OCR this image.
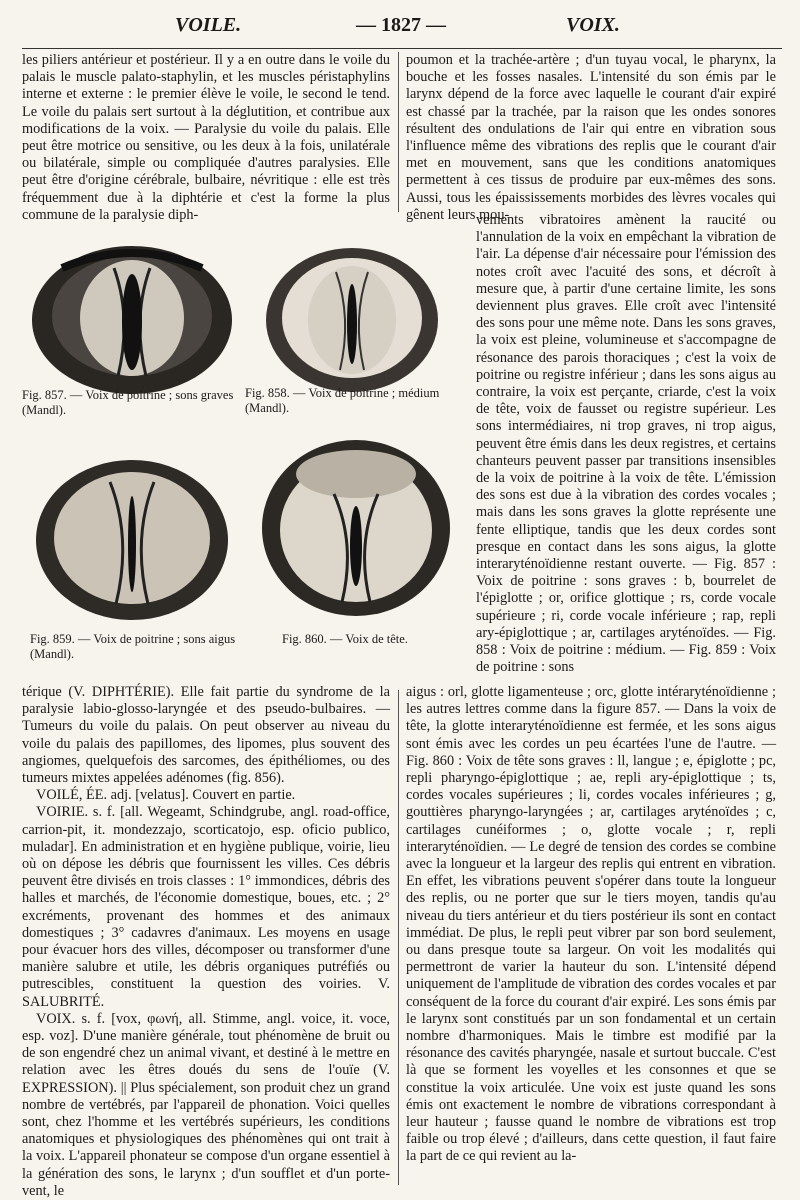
VOILE.	— 1827 —	VOIX.

les piliers antérieur et postérieur. Il y a en outre dans le voile du palais le muscle palato-staphylin, et les muscles péristaphylins interne et externe : le premier élève le voile, le second le tend. Le voile du palais sert surtout à la déglutition, et contribue aux modifications de la voix. — Paralysie du voile du palais. Elle peut être motrice ou sensitive, ou les deux à la fois, unilatérale ou bilatérale, simple ou compliquée d'autres paralysies. Elle peut être d'origine cérébrale, bulbaire, névritique : elle est très fréquemment due à la diphtérie et c'est la forme la plus commune de la paralysie diph-

poumon et la trachée-artère ; d'un tuyau vocal, le pharynx, la bouche et les fosses nasales. L'intensité du son émis par le larynx dépend de la force avec laquelle le courant d'air expiré est chassé par la trachée, par la raison que les ondes sonores résultent des ondulations de l'air qui entre en vibration sous l'influence même des vibrations des replis que le courant d'air met en mouvement, sans que les conditions anatomiques permettent à ces tissus de produire par eux-mêmes des sons. Aussi, tous les épaississements morbides des lèvres vocales qui gênent leurs mou-

vements vibratoires amènent la raucité ou l'annulation de la voix en empêchant la vibration de l'air. La dépense d'air nécessaire pour l'émission des notes croît avec l'acuité des sons, et décroît à mesure que, à partir d'une certaine limite, les sons deviennent plus graves. Elle croît avec l'intensité des sons pour une même note. Dans les sons graves, la voix est pleine, volumineuse et s'accompagne de résonance des parois thoraciques ; c'est la voix de poitrine ou registre inférieur ; dans les sons aigus au contraire, la voix est perçante, criarde, c'est la voix de tête, voix de fausset ou registre supérieur. Les sons intermédiaires, ni trop graves, ni trop aigus, peuvent être émis dans les deux registres, et certains chanteurs peuvent passer par transitions insensibles de la voix de poitrine à la voix de tête. L'émission des sons est due à la vibration des cordes vocales ; mais dans les sons graves la glotte représente une fente elliptique, tandis que les deux cordes sont presque en contact dans les sons aigus, la glotte interaryténoïdienne restant ouverte. — Fig. 857 : Voix de poitrine : sons graves : b, bourrelet de l'épiglotte ; or, orifice glottique ; rs, corde vocale supérieure ; ri, corde vocale inférieure ; rap, repli ary-épiglottique ; ar, cartilages aryténoïdes. — Fig. 858 : Voix de poitrine : médium. — Fig. 859 : Voix de poitrine : sons

Fig. 857. — Voix de poitrine ; sons graves (Mandl).
Fig. 858. — Voix de poitrine ; médium (Mandl).
Fig. 859. — Voix de poitrine ; sons aigus (Mandl).
Fig. 860. — Voix de tête.

térique (V. DIPHTÉRIE). Elle fait partie du syndrome de la paralysie labio-glosso-laryngée et des pseudo-bulbaires. — Tumeurs du voile du palais. On peut observer au niveau du voile du palais des papillomes, des lipomes, plus souvent des angiomes, quelquefois des sarcomes, des épithéliomes, ou des tumeurs mixtes appelées adénomes (fig. 856).

VOILÉ, ÉE. adj. [velatus]. Couvert en partie.

VOIRIE. s. f. [all. Wegeamt, Schindgrube, angl. road-office, carrion-pit, it. mondezzajo, scorticatojo, esp. oficio publico, muladar]. En administration et en hygiène publique, voirie, lieu où on dépose les débris que fournissent les villes. Ces débris peuvent être divisés en trois classes : 1° immondices, débris des halles et marchés, de l'économie domestique, boues, etc. ; 2° excréments, provenant des hommes et des animaux domestiques ; 3° cadavres d'animaux. Les moyens en usage pour évacuer hors des villes, décomposer ou transformer d'une manière salubre et utile, les débris organiques putréfiés ou putrescibles, constituent la question des voiries. V. SALUBRITÉ.

VOIX. s. f. [vox, φωνή, all. Stimme, angl. voice, it. voce, esp. voz]. D'une manière générale, tout phénomène de bruit ou de son engendré chez un animal vivant, et destiné à le mettre en relation avec les êtres doués du sens de l'ouïe (V. EXPRESSION). || Plus spécialement, son produit chez un grand nombre de vertébrés, par l'appareil de phonation. Voici quelles sont, chez l'homme et les vertébrés supérieurs, les conditions anatomiques et physiologiques des phénomènes qui ont trait à la voix. L'appareil phonateur se compose d'un organe essentiel à la génération des sons, le larynx ; d'un soufflet et d'un porte-vent, le

aigus : orl, glotte ligamenteuse ; orc, glotte intéraryténoïdienne ; les autres lettres comme dans la figure 857. — Dans la voix de tête, la glotte interaryténoïdienne est fermée, et les sons aigus sont émis avec les cordes un peu écartées l'une de l'autre. — Fig. 860 : Voix de tête sons graves : ll, langue ; e, épiglotte ; pc, repli pharyngo-épiglottique ; ae, repli ary-épiglottique ; ts, cordes vocales supérieures ; li, cordes vocales inférieures ; g, gouttières pharyngo-laryngées ; ar, cartilages aryténoïdes ; c, cartilages cunéiformes ; o, glotte vocale ; r, repli interaryténoïdien. — Le degré de tension des cordes se combine avec la longueur et la largeur des replis qui entrent en vibration. En effet, les vibrations peuvent s'opérer dans toute la longueur des replis, ou ne porter que sur le tiers moyen, tandis qu'au niveau du tiers antérieur et du tiers postérieur ils sont en contact immédiat. De plus, le repli peut vibrer par son bord seulement, ou dans presque toute sa largeur. On voit les modalités qui permettront de varier la hauteur du son. L'intensité dépend uniquement de l'amplitude de vibration des cordes vocales et par conséquent de la force du courant d'air expiré. Les sons émis par le larynx sont constitués par un son fondamental et un certain nombre d'harmoniques. Mais le timbre est modifié par la résonance des cavités pharyngée, nasale et surtout buccale. C'est là que se forment les voyelles et les consonnes et que se constitue la voix articulée. Une voix est juste quand les sons émis ont exactement le nombre de vibrations correspondant à leur hauteur ; fausse quand le nombre de vibrations est trop faible ou trop élevé ; d'ailleurs, dans cette question, il faut faire la part de ce qui revient au la-
